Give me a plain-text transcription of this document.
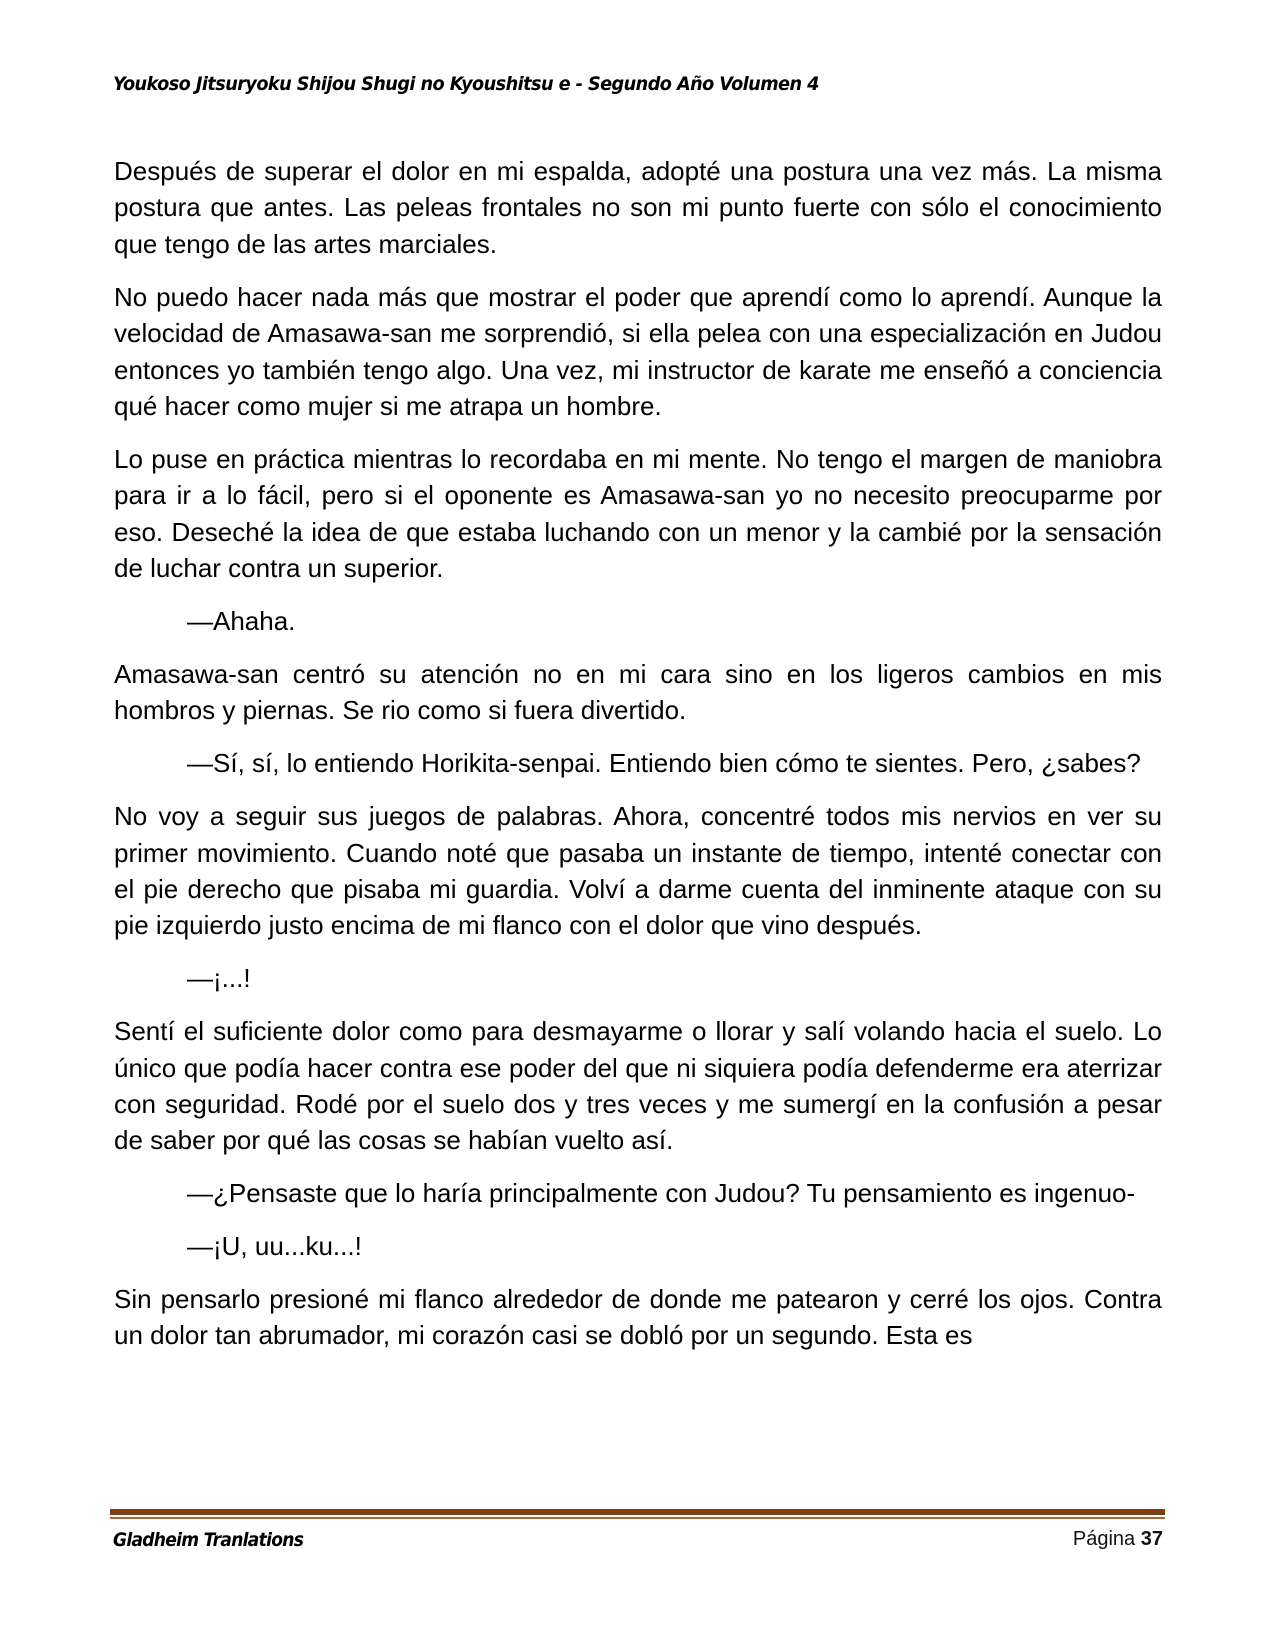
Youkoso Jitsuryoku Shijou Shugi no Kyoushitsu e - Segundo Año Volumen 4

Después de superar el dolor en mi espalda, adopté una postura una vez más. La misma postura que antes. Las peleas frontales no son mi punto fuerte con sólo el conocimiento que tengo de las artes marciales.

No puedo hacer nada más que mostrar el poder que aprendí como lo aprendí. Aunque la velocidad de Amasawa-san me sorprendió, si ella pelea con una especialización en Judou entonces yo también tengo algo. Una vez, mi instructor de karate me enseñó a conciencia qué hacer como mujer si me atrapa un hombre.

Lo puse en práctica mientras lo recordaba en mi mente. No tengo el margen de maniobra para ir a lo fácil, pero si el oponente es Amasawa-san yo no necesito preocuparme por eso. Deseché la idea de que estaba luchando con un menor y la cambié por la sensación de luchar contra un superior.

—Ahaha.

Amasawa-san centró su atención no en mi cara sino en los ligeros cambios en mis hombros y piernas. Se rio como si fuera divertido.

—Sí, sí, lo entiendo Horikita-senpai. Entiendo bien cómo te sientes. Pero, ¿sabes?

No voy a seguir sus juegos de palabras. Ahora, concentré todos mis nervios en ver su primer movimiento. Cuando noté que pasaba un instante de tiempo, intenté conectar con el pie derecho que pisaba mi guardia. Volví a darme cuenta del inminente ataque con su pie izquierdo justo encima de mi flanco con el dolor que vino después.

—¡...!

Sentí el suficiente dolor como para desmayarme o llorar y salí volando hacia el suelo. Lo único que podía hacer contra ese poder del que ni siquiera podía defenderme era aterrizar con seguridad. Rodé por el suelo dos y tres veces y me sumergí en la confusión a pesar de saber por qué las cosas se habían vuelto así.

—¿Pensaste que lo haría principalmente con Judou? Tu pensamiento es ingenuo-

—¡U, uu...ku...!

Sin pensarlo presioné mi flanco alrededor de donde me patearon y cerré los ojos. Contra un dolor tan abrumador, mi corazón casi se dobló por un segundo. Esta es

Gladheim Tranlations	Página 37
